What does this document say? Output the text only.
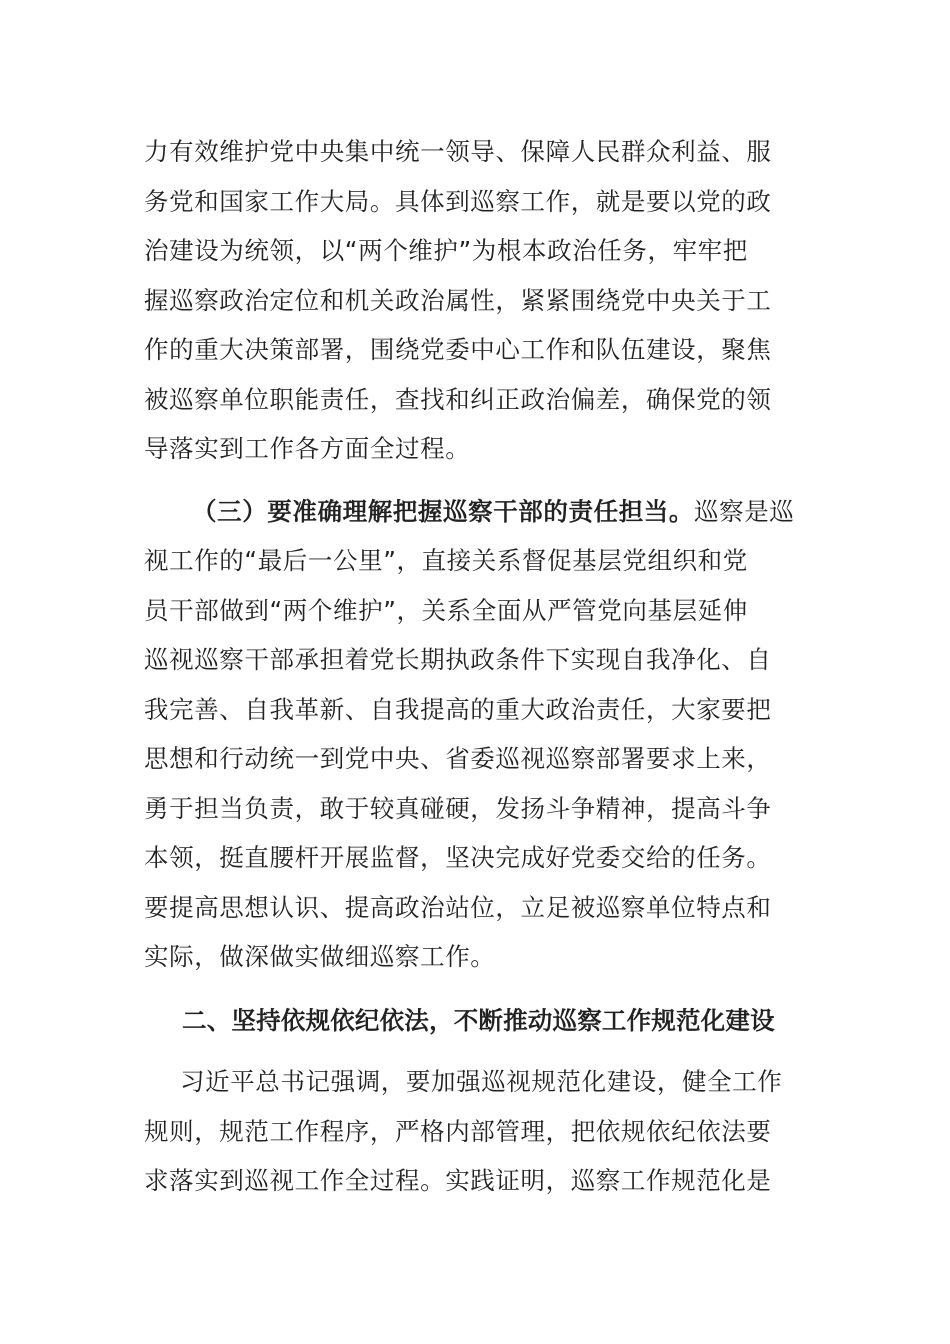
力有效维护党中央集中统一领导、保障人民群众利益、服
务党和国家工作大局。具体到巡察工作，就是要以党的政
治建设为统领，以“两个维护”为根本政治任务，牢牢把
握巡察政治定位和机关政治属性，紧紧围绕党中央关于工
作的重大决策部署，围绕党委中心工作和队伍建设，聚焦
被巡察单位职能责任，查找和纠正政治偏差，确保党的领
导落实到工作各方面全过程。
（三）要准确理解把握巡察干部的责任担当。巡察是巡
视工作的“最后一公里”，直接关系督促基层党组织和党
员干部做到“两个维护”，关系全面从严管党向基层延伸
巡视巡察干部承担着党长期执政条件下实现自我净化、自
我完善、自我革新、自我提高的重大政治责任，大家要把
思想和行动统一到党中央、省委巡视巡察部署要求上来，
勇于担当负责，敢于较真碰硬，发扬斗争精神，提高斗争
本领，挺直腰杆开展监督，坚决完成好党委交给的任务。
要提高思想认识、提高政治站位，立足被巡察单位特点和
实际，做深做实做细巡察工作。
二、坚持依规依纪依法，不断推动巡察工作规范化建设
习近平总书记强调，要加强巡视规范化建设，健全工作
规则，规范工作程序，严格内部管理，把依规依纪依法要
求落实到巡视工作全过程。实践证明，巡察工作规范化是
